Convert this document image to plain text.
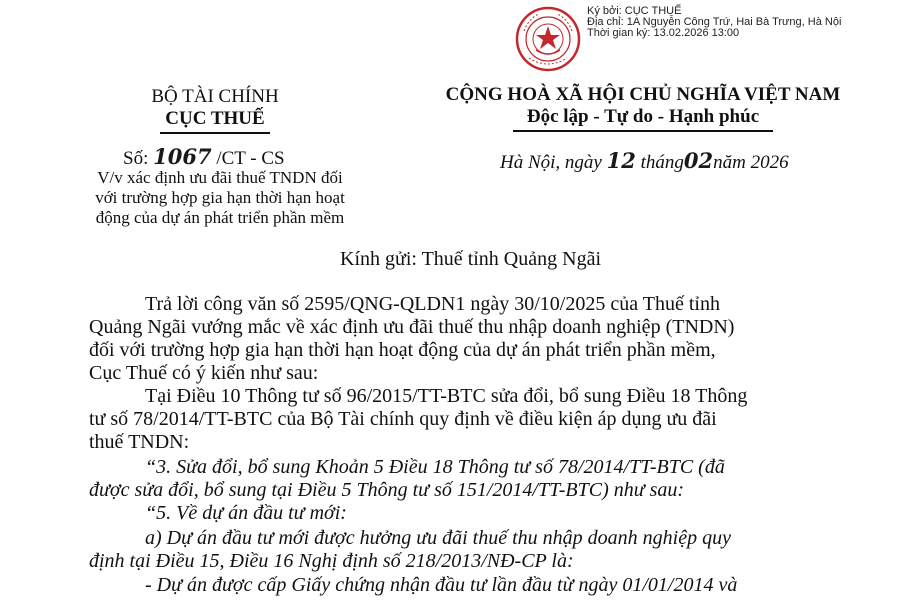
Ký bởi: CỤC THUẾ
Địa chỉ: 1A Nguyễn Công Trứ, Hai Bà Trưng, Hà Nội
Thời gian ký: 13.02.2026 13:00
BỘ TÀI CHÍNH
CỤC THUẾ
Số: 1067 /CT - CS
V/v xác định ưu đãi thuế TNDN đối
với trường hợp gia hạn thời hạn hoạt
động của dự án phát triển phần mềm
CỘNG HOÀ XÃ HỘI CHỦ NGHĨA VIỆT NAM
Độc lập - Tự do - Hạnh phúc
Hà Nội, ngày 12 tháng02năm 2026
Kính gửi: Thuế tỉnh Quảng Ngãi
Trả lời công văn số 2595/QNG-QLDN1 ngày 30/10/2025 của Thuế tỉnh
Quảng Ngãi vướng mắc về xác định ưu đãi thuế thu nhập doanh nghiệp (TNDN)
đối với trường hợp gia hạn thời hạn hoạt động của dự án phát triển phần mềm,
Cục Thuế có ý kiến như sau:
Tại Điều 10 Thông tư số 96/2015/TT-BTC sửa đổi, bổ sung Điều 18 Thông
tư số 78/2014/TT-BTC của Bộ Tài chính quy định về điều kiện áp dụng ưu đãi
thuế TNDN:
“3. Sửa đổi, bổ sung Khoản 5 Điều 18 Thông tư số 78/2014/TT-BTC (đã
được sửa đổi, bổ sung tại Điều 5 Thông tư số 151/2014/TT-BTC) như sau:
“5. Về dự án đầu tư mới:
a) Dự án đầu tư mới được hưởng ưu đãi thuế thu nhập doanh nghiệp quy
định tại Điều 15, Điều 16 Nghị định số 218/2013/NĐ-CP là:
- Dự án được cấp Giấy chứng nhận đầu tư lần đầu từ ngày 01/01/2014 và
